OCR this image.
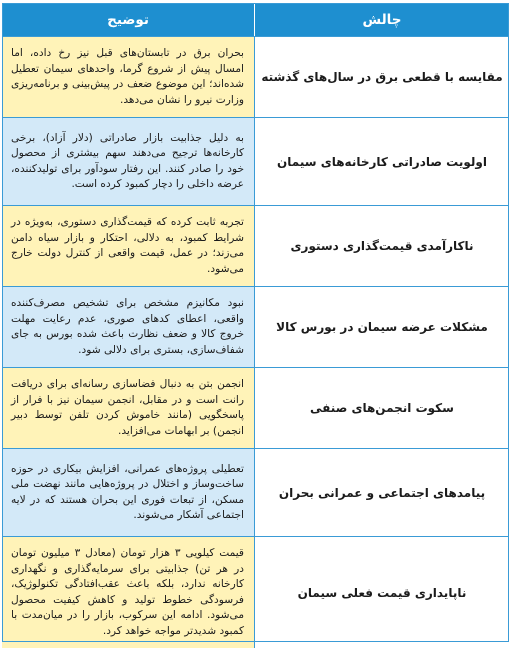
چالش
توضیح
مقایسه با قطعی برق در سال‌های گذشته
بحران برق در تابستان‌های قبل نیز رخ داده، اما امسال پیش از شروع گرما، واحدهای سیمان تعطیل شده‌اند؛ این موضوع ضعف در پیش‌بینی و برنامه‌ریزی وزارت نیرو را نشان می‌دهد.
اولویت صادراتی کارخانه‌های سیمان
به دلیل جذابیت بازار صادراتی (دلار آزاد)، برخی کارخانه‌ها ترجیح می‌دهند سهم بیشتری از محصول خود را صادر کنند. این رفتار سودآور برای تولیدکننده، عرضه داخلی را دچار کمبود کرده است.
ناکارآمدی قیمت‌گذاری دستوری
تجربه ثابت کرده که قیمت‌گذاری دستوری، به‌ویژه در شرایط کمبود، به دلالی، احتکار و بازار سیاه دامن می‌زند؛ در عمل، قیمت واقعی از کنترل دولت خارج می‌شود.
مشکلات عرضه سیمان در بورس کالا
نبود مکانیزم مشخص برای تشخیص مصرف‌کننده واقعی، اعطای کدهای صوری، عدم رعایت مهلت خروج کالا و ضعف نظارت باعث شده بورس به جای شفاف‌سازی، بستری برای دلالی شود.
سکوت انجمن‌های صنفی
انجمن بتن به دنبال فضاسازی رسانه‌ای برای دریافت رانت است و در مقابل، انجمن سیمان نیز با فرار از پاسخگویی (مانند خاموش کردن تلفن توسط دبیر انجمن) بر ابهامات می‌افزاید.
پیامدهای اجتماعی و عمرانی بحران
تعطیلی پروژه‌های عمرانی، افزایش بیکاری در حوزه ساخت‌وساز و اختلال در پروژه‌هایی مانند نهضت ملی مسکن، از تبعات فوری این بحران هستند که در لایه اجتماعی آشکار می‌شوند.
ناپایداری قیمت فعلی سیمان
قیمت کیلویی ۳ هزار تومان (معادل ۳ میلیون تومان در هر تن) جذابیتی برای سرمایه‌گذاری و نگهداری کارخانه ندارد، بلکه باعث عقب‌افتادگی تکنولوژیک، فرسودگی خطوط تولید و کاهش کیفیت محصول می‌شود. ادامه این سرکوب، بازار را در میان‌مدت با کمبود شدیدتر مواجه خواهد کرد.
